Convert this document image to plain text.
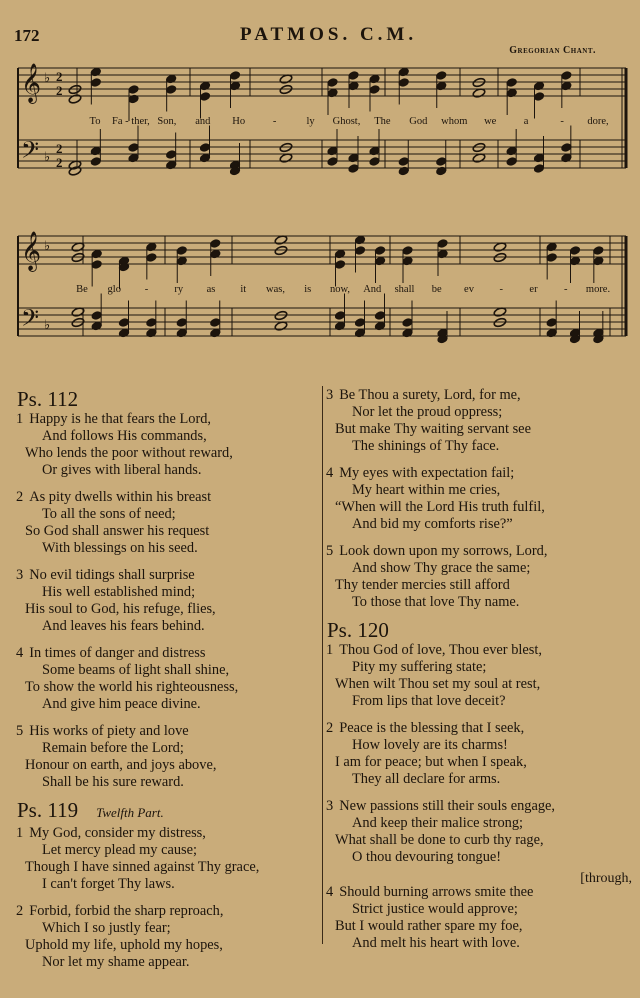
172	PATMOS. C.M.
Gregorian Chant.
𝄞
𝄢
♭
♭
2
2
2
2
𝄞
𝄢
♭
♭
To Fa - ther, Son, and Ho	-	ly Ghost, The God whom we	a	- dore,
Be glo - ry as it was, is now, And shall be ev -	er	- more.
Ps. 112
1 Happy is he that fears the Lord,
And follows His commands,
Who lends the poor without reward,
Or gives with liberal hands.
2 As pity dwells within his breast
To all the sons of need;
So God shall answer his request
With blessings on his seed.
3 No evil tidings shall surprise
His well established mind;
His soul to God, his refuge, flies,
And leaves his fears behind.
4 In times of danger and distress
Some beams of light shall shine,
To show the world his righteousness,
And give him peace divine.
5 His works of piety and love
Remain before the Lord;
Honour on earth, and joys above,
Shall be his sure reward.
Ps. 119 Twelfth Part.
1 My God, consider my distress,
Let mercy plead my cause;
Though I have sinned against Thy grace,
I can't forget Thy laws.
2 Forbid, forbid the sharp reproach,
Which I so justly fear;
Uphold my life, uphold my hopes,
Nor let my shame appear.
3 Be Thou a surety, Lord, for me,
Nor let the proud oppress;
But make Thy waiting servant see
The shinings of Thy face.
4 My eyes with expectation fail;
My heart within me cries,
“When will the Lord His truth fulfil,
And bid my comforts rise?”
5 Look down upon my sorrows, Lord,
And show Thy grace the same;
Thy tender mercies still afford
To those that love Thy name.
Ps. 120
1 Thou God of love, Thou ever blest,
Pity my suffering state;
When wilt Thou set my soul at rest,
From lips that love deceit?
2 Peace is the blessing that I seek,
How lovely are its charms!
I am for peace; but when I speak,
They all declare for arms.
3 New passions still their souls engage,
And keep their malice strong;
What shall be done to curb thy rage,
O thou devouring tongue!
[through,
4 Should burning arrows smite thee
Strict justice would approve;
But I would rather spare my foe,
And melt his heart with love.
